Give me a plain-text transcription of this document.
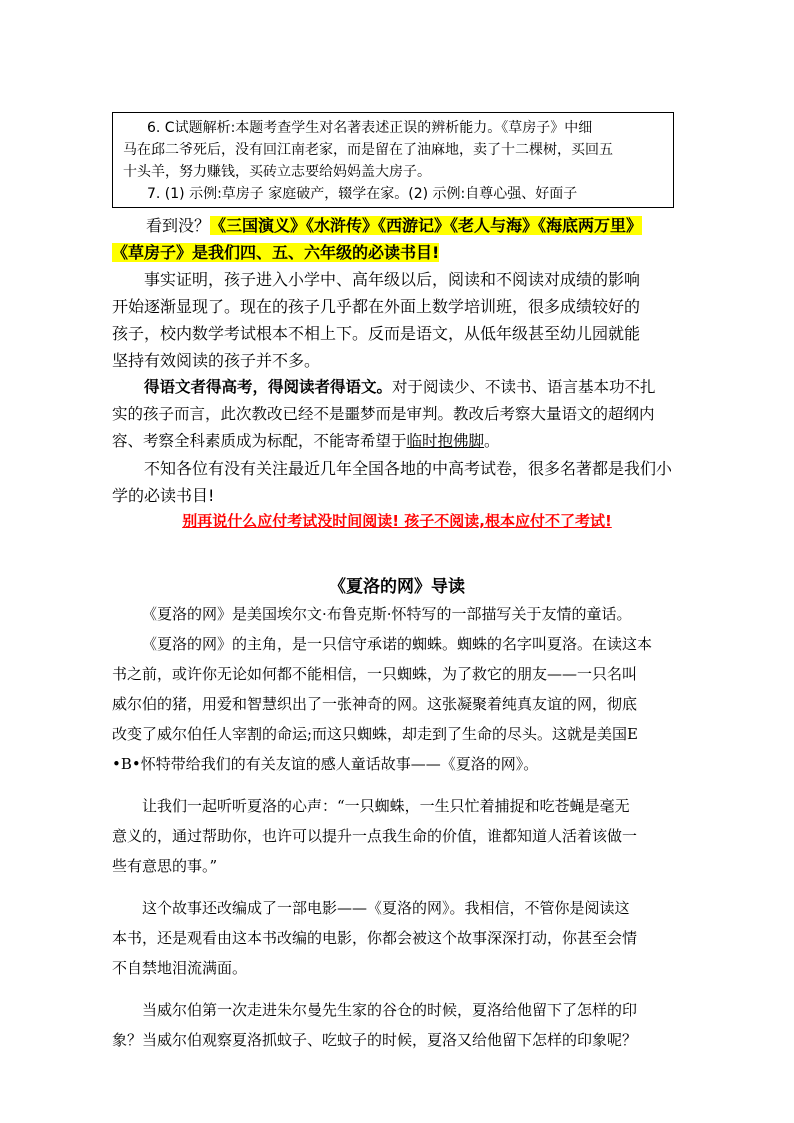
6. C试题解析:本题考查学生对名著表述正误的辨析能力。《草房子》中细

马在邱二爷死后，没有回江南老家，而是留在了油麻地，卖了十二棵树，买回五

十头羊，努力赚钱，买砖立志要给妈妈盖大房子。

7. (1) 示例:草房子 家庭破产，辍学在家。(2) 示例:自尊心强、好面子

看到没？《三国演义》《水浒传》《西游记》《老人与海》《海底两万里》

《草房子》是我们四、五、六年级的必读书目!

事实证明，孩子进入小学中、高年级以后，阅读和不阅读对成绩的影响

开始逐渐显现了。现在的孩子几乎都在外面上数学培训班，很多成绩较好的

孩子，校内数学考试根本不相上下。反而是语文，从低年级甚至幼儿园就能

坚持有效阅读的孩子并不多。

得语文者得高考，得阅读者得语文。对于阅读少、不读书、语言基本功不扎

实的孩子而言，此次教改已经不是噩梦而是审判。教改后考察大量语文的超纲内

容、考察全科素质成为标配，不能寄希望于临时抱佛脚。

不知各位有没有关注最近几年全国各地的中高考试卷，很多名著都是我们小

学的必读书目!

别再说什么应付考试没时间阅读! 孩子不阅读,根本应付不了考试!
《夏洛的网》导读

《夏洛的网》是美国埃尔文·布鲁克斯·怀特写的一部描写关于友情的童话。

《夏洛的网》的主角，是一只信守承诺的蜘蛛。蜘蛛的名字叫夏洛。在读这本

书之前，或许你无论如何都不能相信，一只蜘蛛，为了救它的朋友——一只名叫

威尔伯的猪，用爱和智慧织出了一张神奇的网。这张凝聚着纯真友谊的网，彻底

改变了威尔伯任人宰割的命运;而这只蜘蛛，却走到了生命的尽头。这就是美国E

•B•怀特带给我们的有关友谊的感人童话故事——《夏洛的网》。

让我们一起听听夏洛的心声：“一只蜘蛛，一生只忙着捕捉和吃苍蝇是毫无

意义的，通过帮助你，也许可以提升一点我生命的价值，谁都知道人活着该做一

些有意思的事。”

这个故事还改编成了一部电影——《夏洛的网》。我相信，不管你是阅读这

本书，还是观看由这本书改编的电影，你都会被这个故事深深打动，你甚至会情

不自禁地泪流满面。

当威尔伯第一次走进朱尔曼先生家的谷仓的时候，夏洛给他留下了怎样的印

象？当威尔伯观察夏洛抓蚊子、吃蚊子的时候，夏洛又给他留下怎样的印象呢？
